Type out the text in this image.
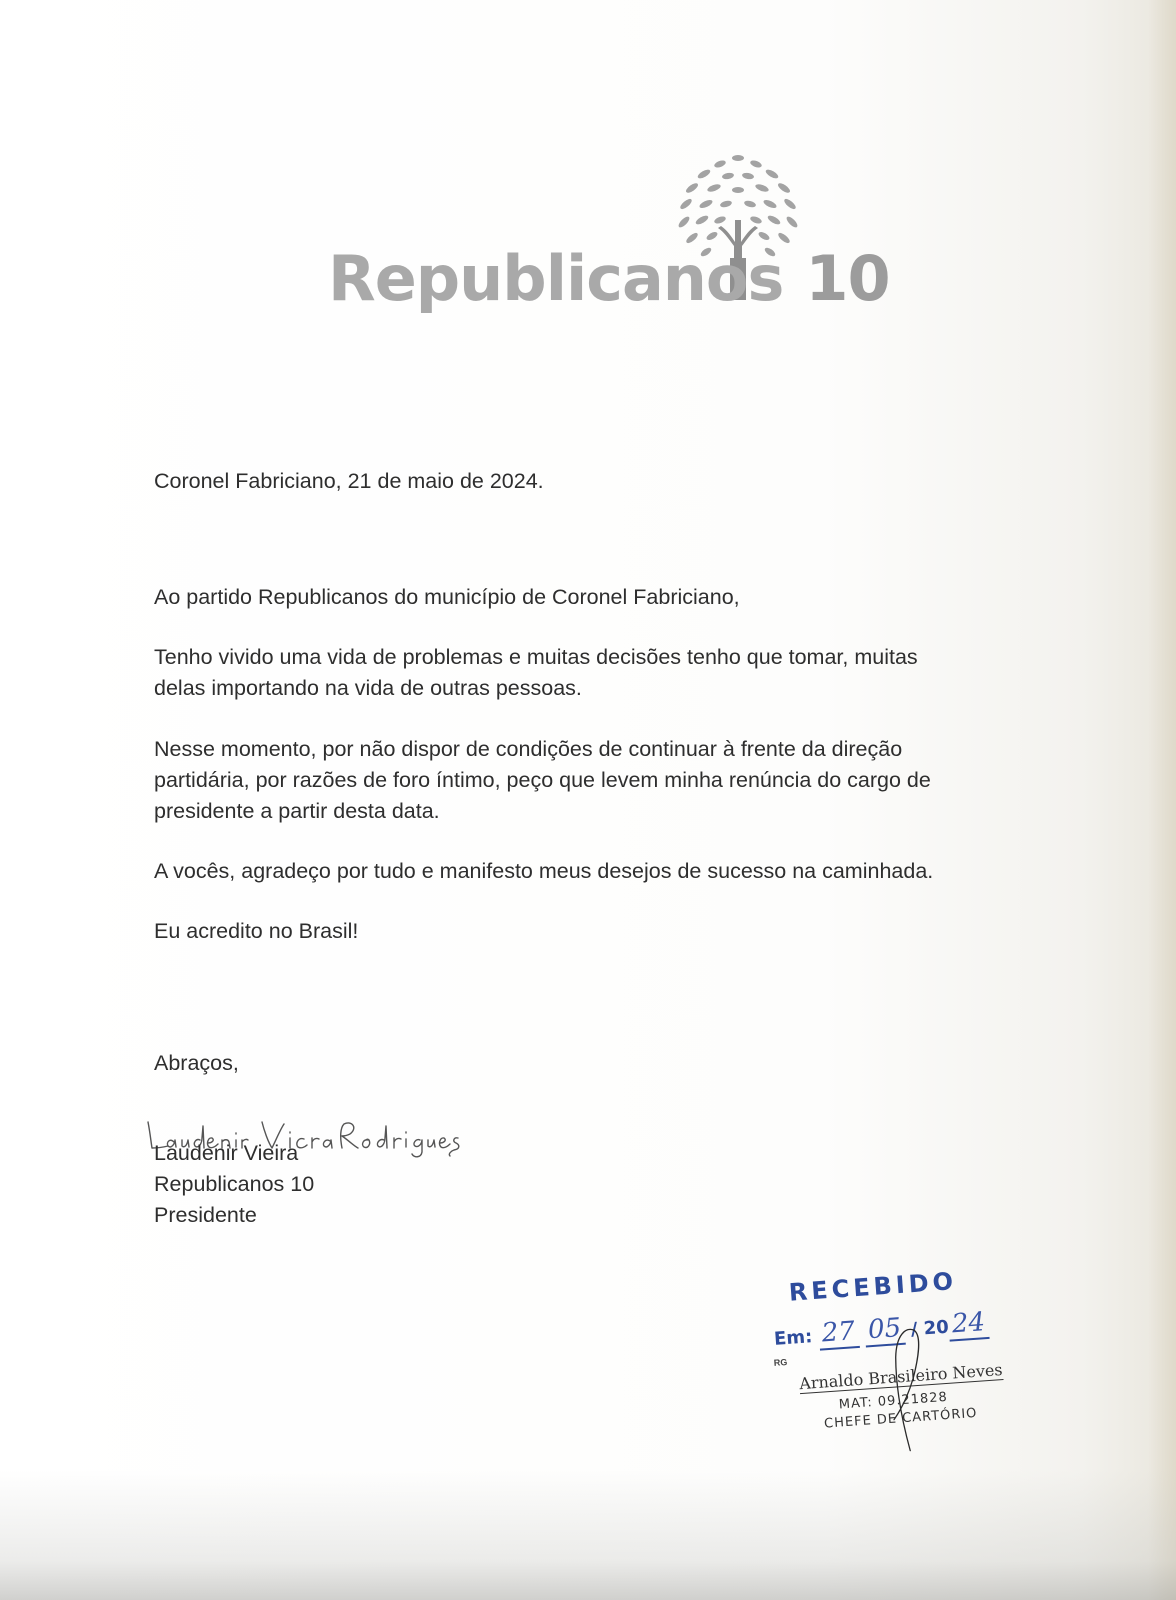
Republicanos 10
Coronel Fabriciano, 21 de maio de 2024.
Ao partido Republicanos do município de Coronel Fabriciano,
Tenho vivido uma vida de problemas e muitas decisões tenho que tomar, muitas
delas importando na vida de outras pessoas.
Nesse momento, por não dispor de condições de continuar à frente da direção
partidária, por razões de foro íntimo, peço que levem minha renúncia do cargo de
presidente a partir desta data.
A vocês, agradeço por tudo e manifesto meus desejos de sucesso na caminhada.
Eu acredito no Brasil!
Abraços,
Laudenir Vieira
Republicanos 10
Presidente
RECEBIDO
Em: 27 05 / 2024
RG Arnaldo Brasileiro Neves
MAT: 09.21828
CHEFE DE CARTÓRIO
